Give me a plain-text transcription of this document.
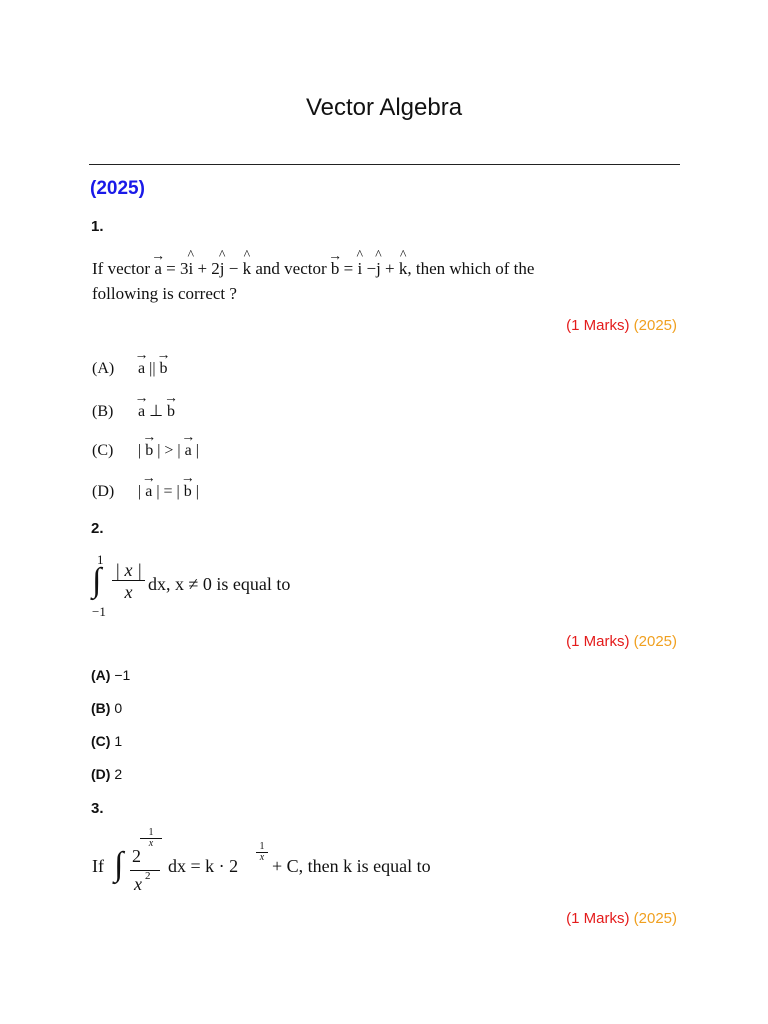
Vector Algebra
(2025)
1.
If vector → a = 3^ i + 2^ j − ^ k and vector → b = ^ i −^ j + ^ k, then which of the
following is correct ?
(1 Marks) (2025)
(A) → a || → b
(B) → a ⊥ → b
(C) | → b | > | → a |
(D) | → a | = | → b |
2.
1
∫
−1
$\frac{| x |}{x}$ dx, x ≠ 0 is equal to
(1 Marks) (2025)
(A) −1
(B) 0
(C) 1
(D) 2
3.
If ∫
$\frac{1}{x}$
2
x 2 dx = k · 2
$\frac{1}{x}$
+ C, then k is equal to
(1 Marks) (2025)
